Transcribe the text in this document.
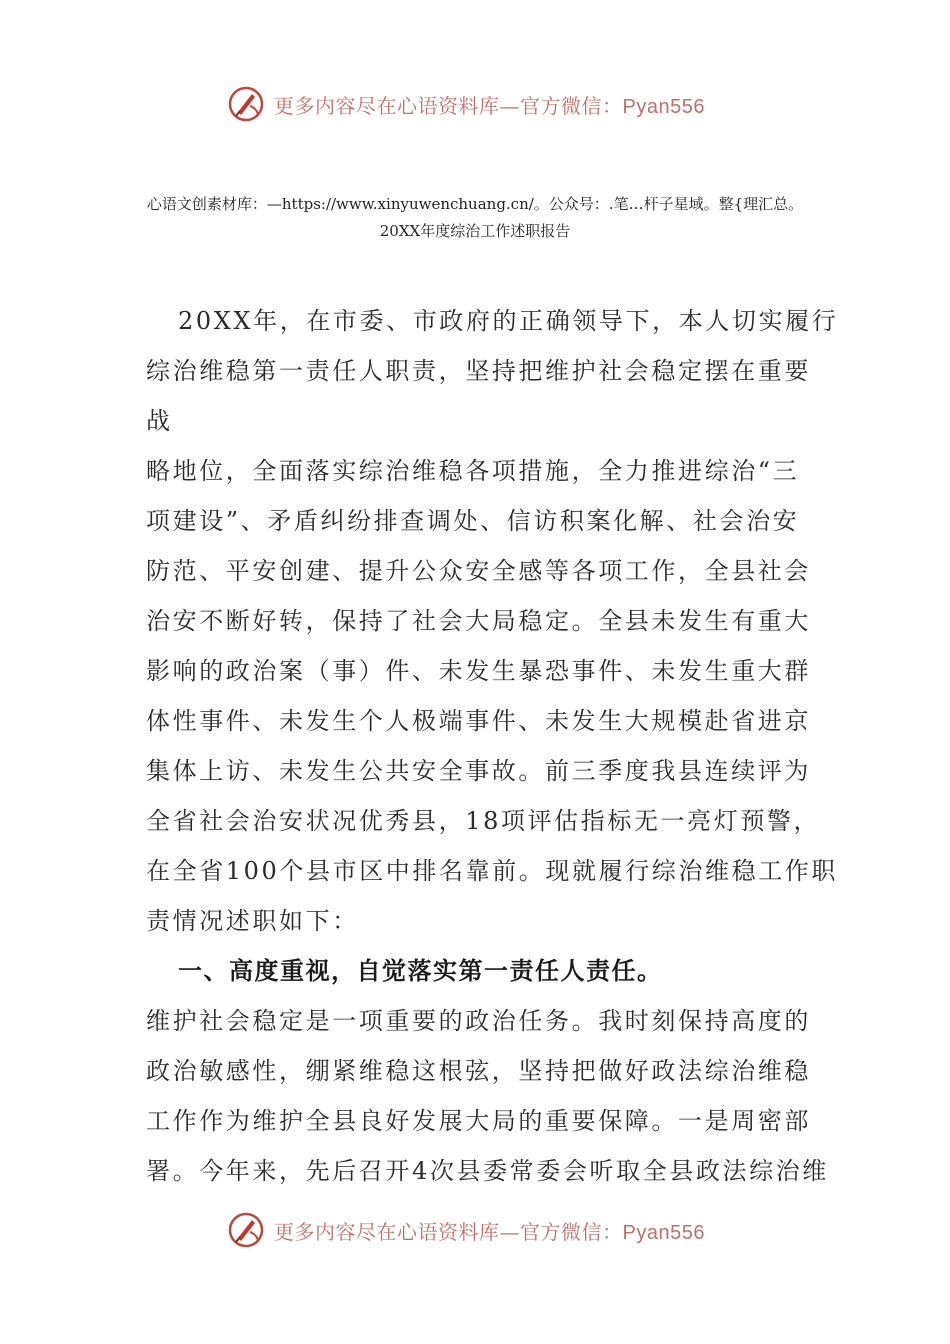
更多内容尽在心语资料库—官方微信：Pyan556
心语文创素材库：—https://www.xinyuwenchuang.cn/。公众号：.笔…杆子星域。整{理汇总。
20XX年度综治工作述职报告
20XX年，在市委、市政府的正确领导下，本人切实履行
综治维稳第一责任人职责，坚持把维护社会稳定摆在重要
战
略地位，全面落实综治维稳各项措施，全力推进综治“三
项建设”、矛盾纠纷排查调处、信访积案化解、社会治安
防范、平安创建、提升公众安全感等各项工作，全县社会
治安不断好转，保持了社会大局稳定。全县未发生有重大
影响的政治案（事）件、未发生暴恐事件、未发生重大群
体性事件、未发生个人极端事件、未发生大规模赴省进京
集体上访、未发生公共安全事故。前三季度我县连续评为
全省社会治安状况优秀县，18项评估指标无一亮灯预警，
在全省100个县市区中排名靠前。现就履行综治维稳工作职
责情况述职如下：
一、高度重视，自觉落实第一责任人责任。
维护社会稳定是一项重要的政治任务。我时刻保持高度的
政治敏感性，绷紧维稳这根弦，坚持把做好政法综治维稳
工作作为维护全县良好发展大局的重要保障。一是周密部
署。今年来，先后召开4次县委常委会听取全县政法综治维
更多内容尽在心语资料库—官方微信：Pyan556
